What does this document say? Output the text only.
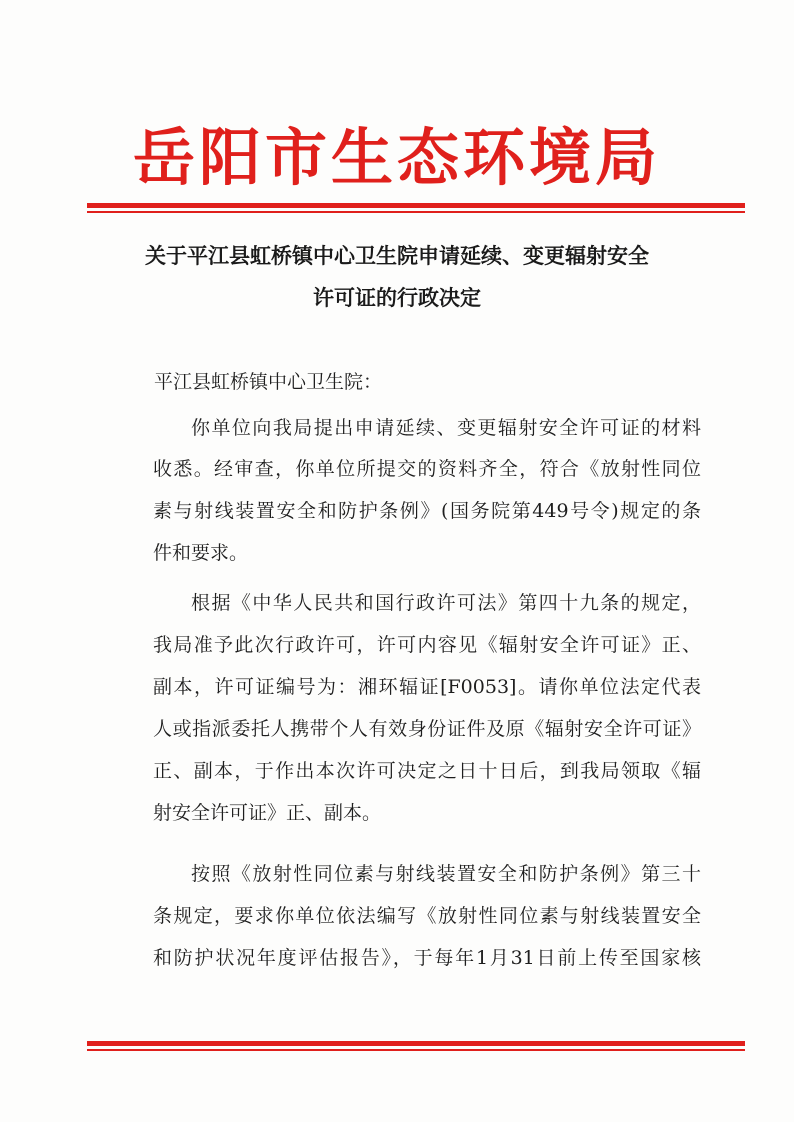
岳阳市生态环境局
关于平江县虹桥镇中心卫生院申请延续、变更辐射安全
许可证的行政决定
平江县虹桥镇中心卫生院：
你单位向我局提出申请延续、变更辐射安全许可证的材料
收悉。经审查，你单位所提交的资料齐全，符合《放射性同位
素与射线装置安全和防护条例》(国务院第449号令)规定的条
件和要求。
根据《中华人民共和国行政许可法》第四十九条的规定，
我局准予此次行政许可，许可内容见《辐射安全许可证》正、
副本，许可证编号为：湘环辐证[F0053]。请你单位法定代表
人或指派委托人携带个人有效身份证件及原《辐射安全许可证》
正、副本，于作出本次许可决定之日十日后，到我局领取《辐
射安全许可证》正、副本。
按照《放射性同位素与射线装置安全和防护条例》第三十
条规定，要求你单位依法编写《放射性同位素与射线装置安全
和防护状况年度评估报告》，于每年1月31日前上传至国家核
